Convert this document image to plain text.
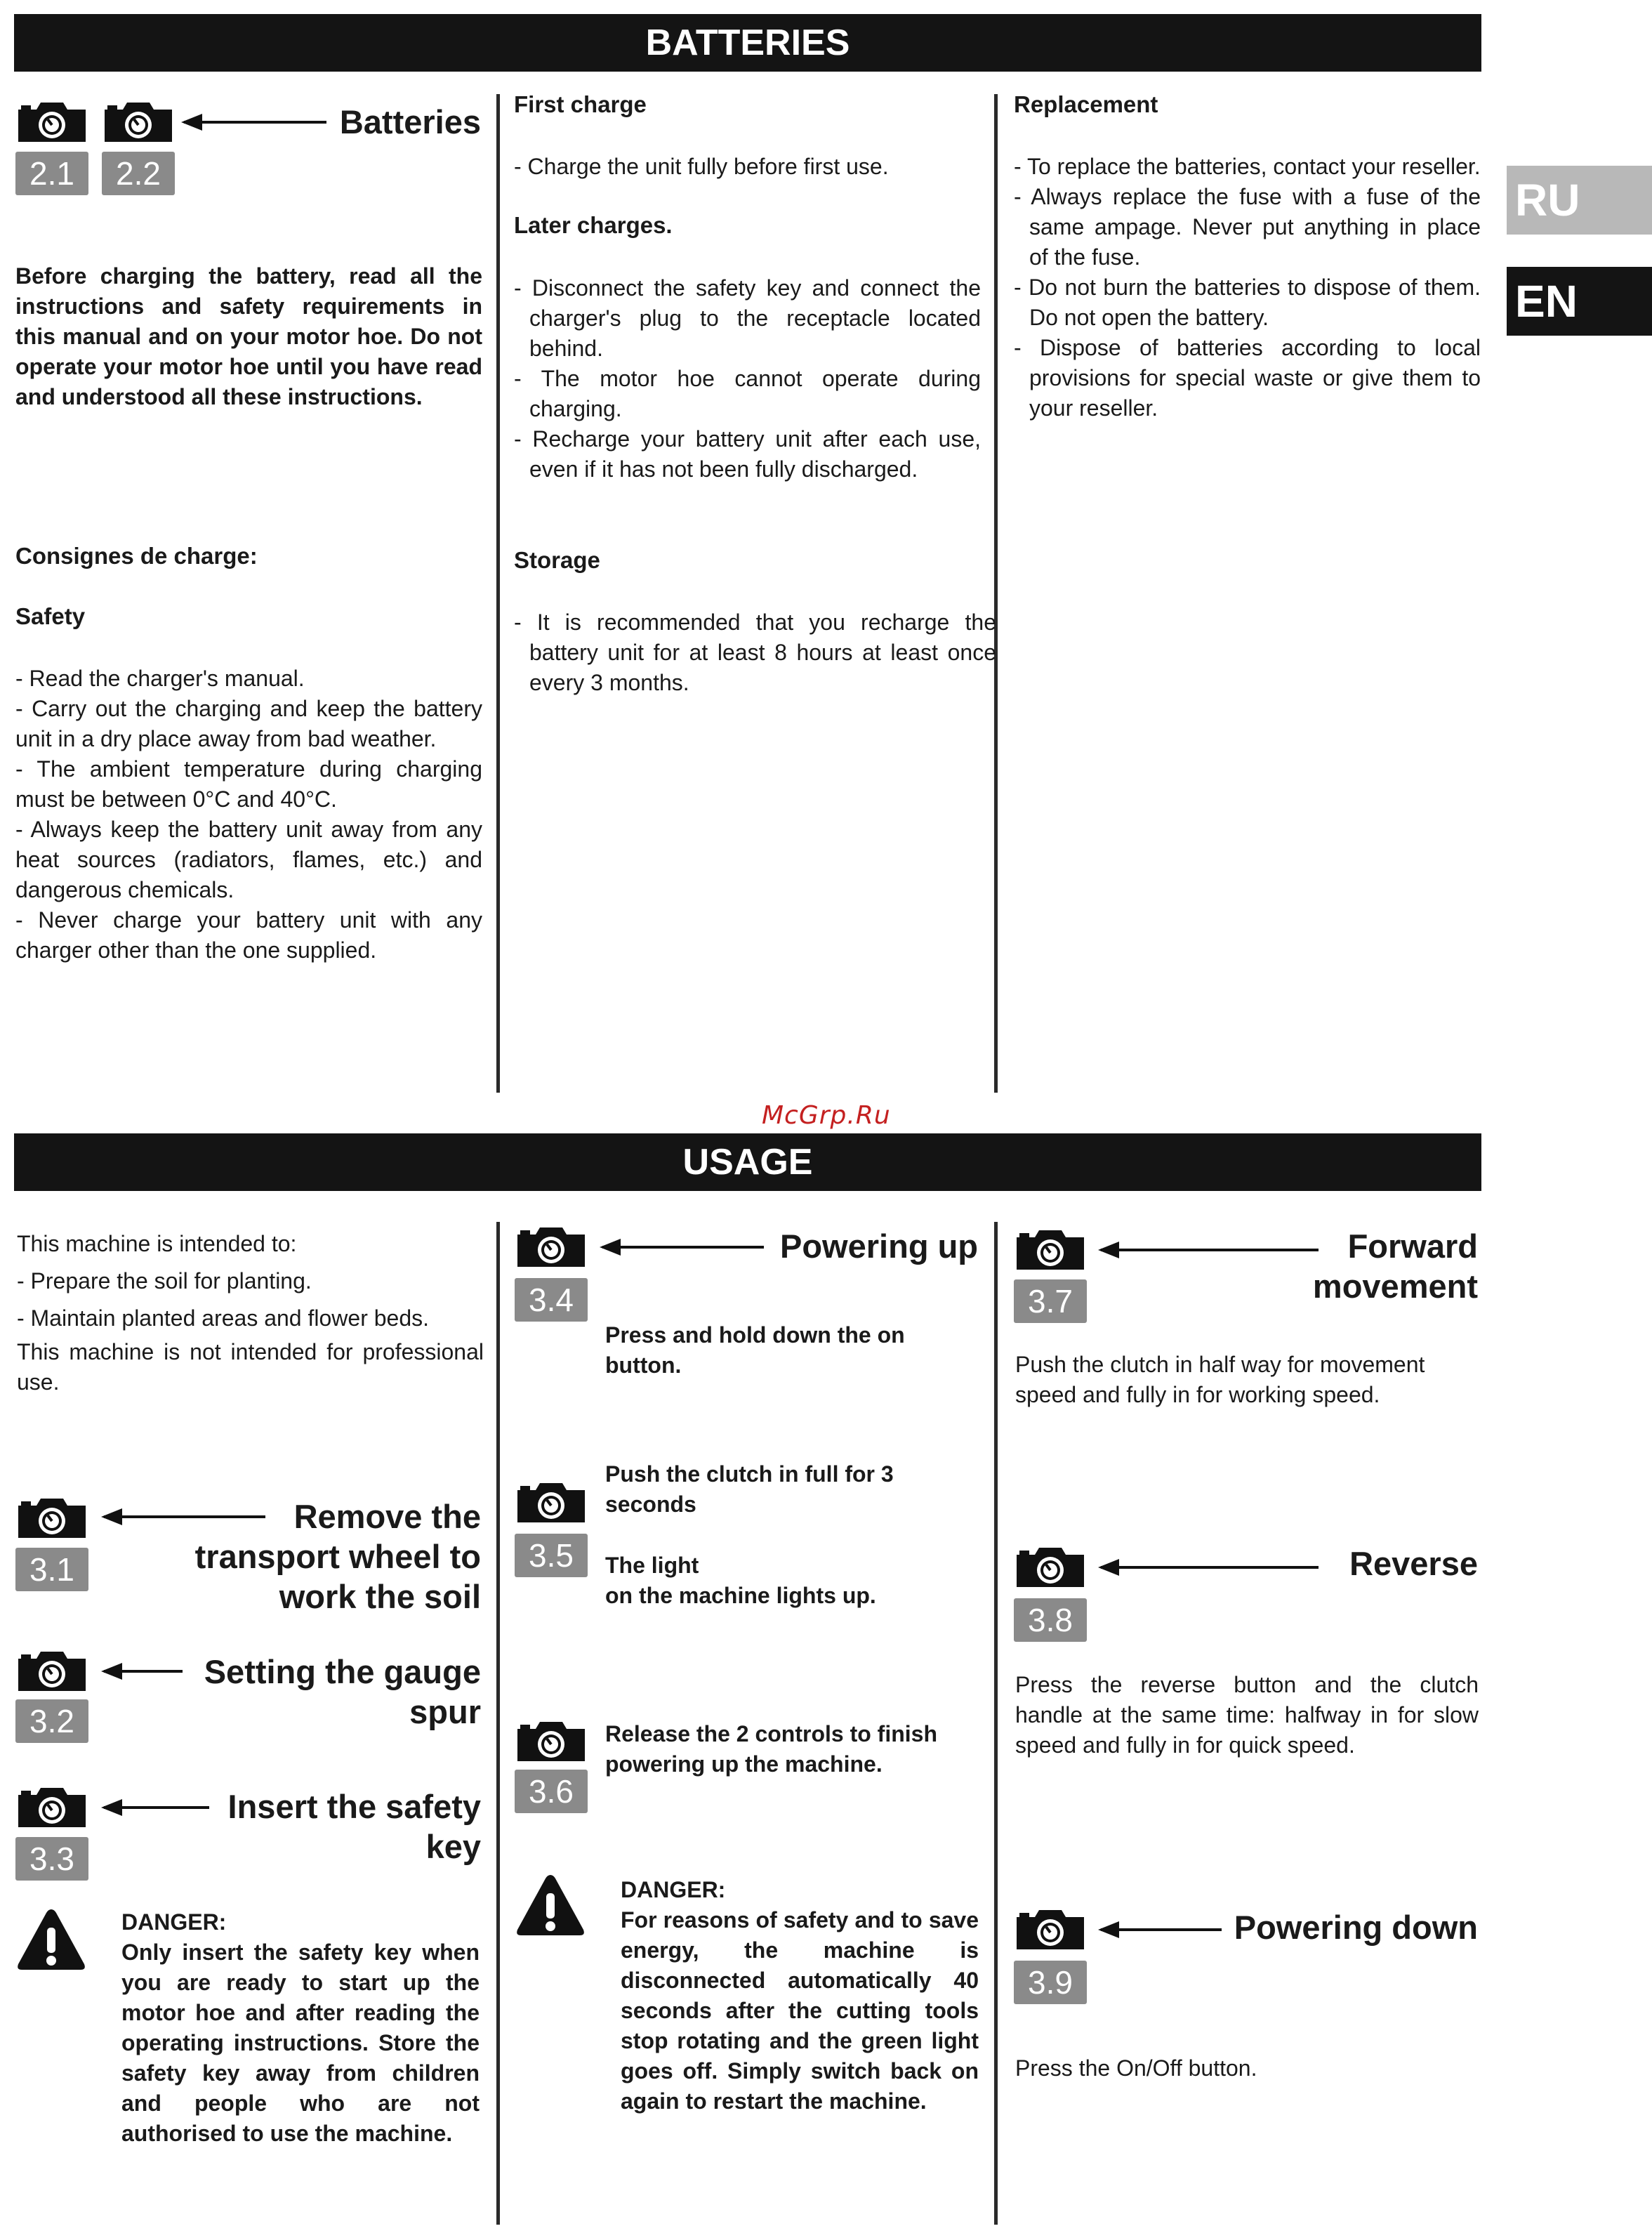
BATTERIES
2.1	2.2
Batteries
Before charging the battery, read all the instructions and safety requirements in this manual and on your motor hoe. Do not operate your motor hoe until you have read and understood all these instructions.
Consignes de charge:
Safety

- Read the charger's manual.

- Carry out the charging and keep the battery unit in a dry place away from bad weather.

- The ambient temperature during charging must be between 0°C and 40°C.

- Always keep the battery unit away from any heat sources (radiators, flames, etc.) and dangerous chemicals.

- Never charge your battery unit with any charger other than the one supplied.

First charge
- Charge the unit fully before first use.
Later charges.

- Disconnect the safety key and connect the charger's plug to the receptacle located behind.

- The motor hoe cannot operate during charging.

- Recharge your battery unit after each use, even if it has not been fully discharged.

Storage
- It is recommended that you recharge the battery unit for at least 8 hours at least once every 3 months.
Replacement

- To replace the batteries, contact your reseller.

- Always replace the fuse with a fuse of the same ampage. Never put anything in place of the fuse.

- Do not burn the batteries to dispose of them. Do not open the battery.

- Dispose of batteries according to local provisions for special waste or give them to your reseller.

RU
EN
McGrp.Ru
USAGE

This machine is intended to:

- Prepare the soil for planting.

- Maintain planted areas and flower beds.

This machine is not intended for professional use.

3.1
Remove the
transport wheel to
work the soil
3.2
Setting the gauge
spur
3.3
Insert the safety
key
DANGER:
Only insert the safety key when you are ready to start up the motor hoe and after reading the operating instructions. Store the safety key away from children and people who are not authorised to use the machine.
3.4
Powering up
Press and hold down the on button.
3.5
Push the clutch in full for 3 seconds
The light
on the machine lights up.
3.6
Release the 2 controls to finish powering up the machine.
DANGER:
For reasons of safety and to save energy, the machine is disconnected automatically 40 seconds after the cutting tools stop rotating and the green light goes off. Simply switch back on again to restart the machine.
3.7
Forward
movement
Push the clutch in half way for movement speed and fully in for working speed.
3.8
Reverse
Press the reverse button and the clutch handle at the same time: halfway in for slow speed and fully in for quick speed.
3.9
Powering down
Press the On/Off button.
